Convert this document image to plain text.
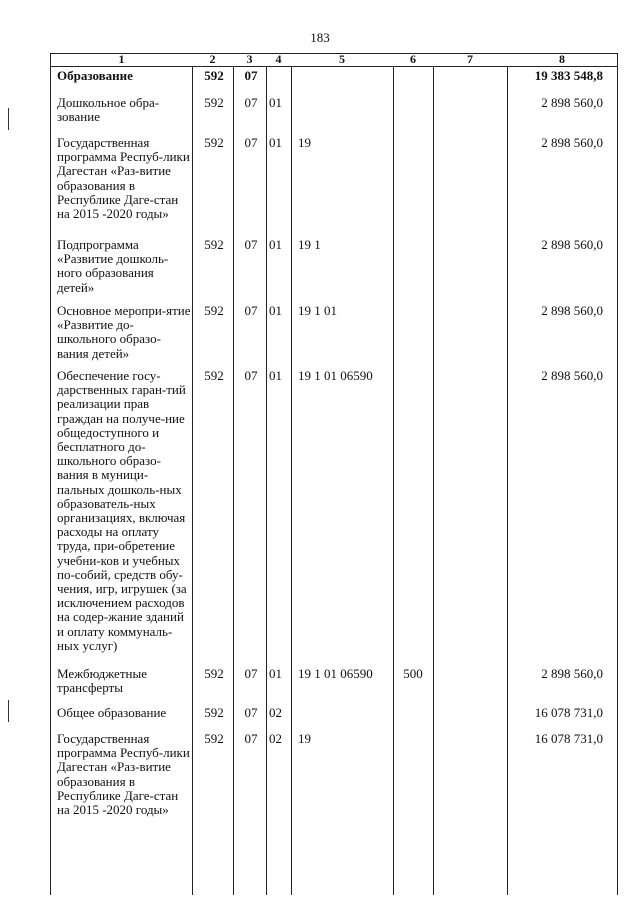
183
1	2	3	4	5	6	7	8
Образование	592	07	19 383 548,8
Дошкольное обра-зование
592	07 01	2 898 560,0
Государственная программа Респуб-лики Дагестан «Раз-витие образования в Республике Даге-стан на 2015 -2020 годы»
592	07 01	19	2 898 560,0
Подпрограмма «Развитие дошколь-ного образования детей»
592	07 01	19 1	2 898 560,0
Основное меропри-ятие «Развитие до-школьного образо-вания детей»
592	07 01	19 1 01	2 898 560,0
Обеспечение госу-дарственных гаран-тий реализации прав граждан на получе-ние общедоступного и бесплатного до-школьного образо-вания в муници-пальных дошколь-ных образователь-ных организациях, включая расходы на оплату труда, при-обретение учебни-ков и учебных по-собий, средств обу-чения, игр, игрушек (за исключением расходов на содер-жание зданий и оплату коммуналь-ных услуг)
592	07 01	19 1 01 06590	2 898 560,0
Межбюджетные трансферты
592	07 01	19 1 01 06590	500	2 898 560,0
Общее образование	592	07 02	16 078 731,0
Государственная программа Респуб-лики Дагестан «Раз-витие образования в Республике Даге-стан на 2015 -2020 годы»
592	07 02	19	16 078 731,0
